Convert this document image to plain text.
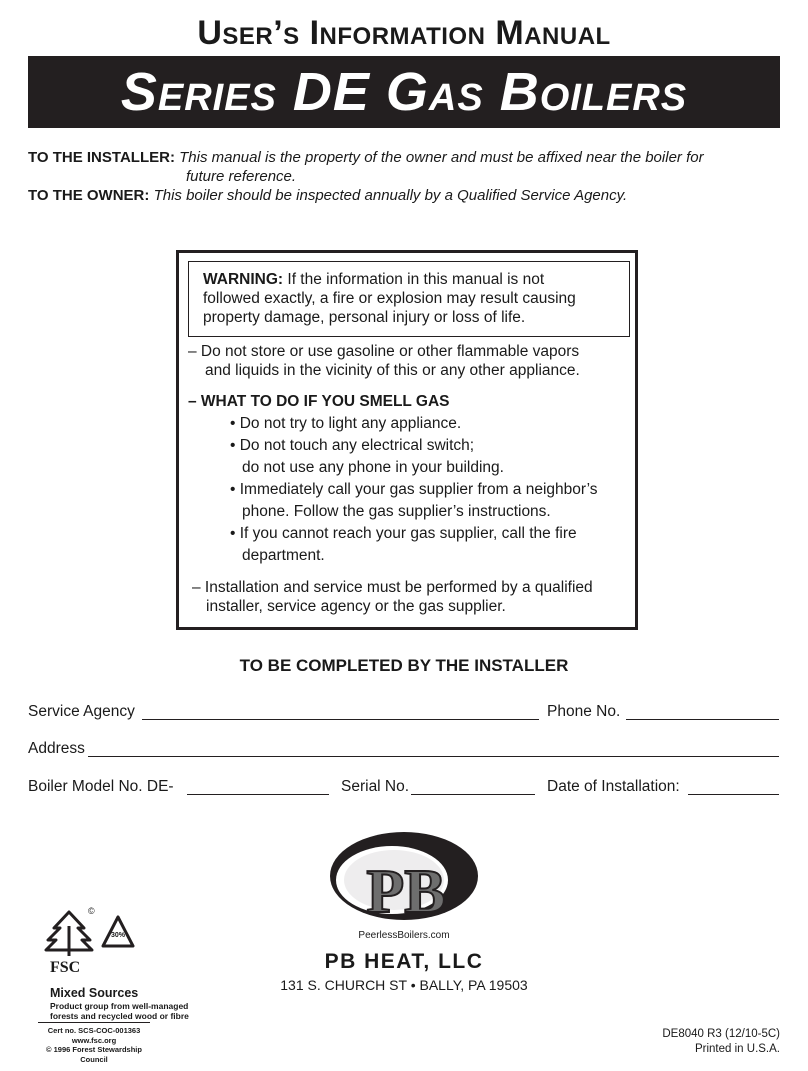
User’s Information Manual
Series DE Gas Boilers
TO THE INSTALLER: This manual is the property of the owner and must be affixed near the boiler for
future reference.
TO THE OWNER: This boiler should be inspected annually by a Qualified Service Agency.
WARNING: If the information in this manual is not
followed exactly, a fire or explosion may result causing
property damage, personal injury or loss of life.
– Do not store or use gasoline or other flammable vapors
and liquids in the vicinity of this or any other appliance.
– WHAT TO DO IF YOU SMELL GAS
• Do not try to light any appliance.
• Do not touch any electrical switch;
do not use any phone in your building.
• Immediately call your gas supplier from a neighbor’s
phone. Follow the gas supplier’s instructions.
• If you cannot reach your gas supplier, call the fire
department.
– Installation and service must be performed by a qualified
installer, service agency or the gas supplier.
TO BE COMPLETED BY THE INSTALLER
Service Agency	Phone No.
Address
Boiler Model No. DE-	Serial No.	Date of Installation:
PB
PeerlessBoilers.com
PB HEAT, LLC
131 S. CHURCH ST • BALLY, PA 19503
©
30%
FSC
Mixed Sources
Product group from well-managed
forests and recycled wood or fibre
Cert no. SCS-COC-001363
www.fsc.org
© 1996 Forest Stewardship Council
DE8040 R3 (12/10-5C)
Printed in U.S.A.
